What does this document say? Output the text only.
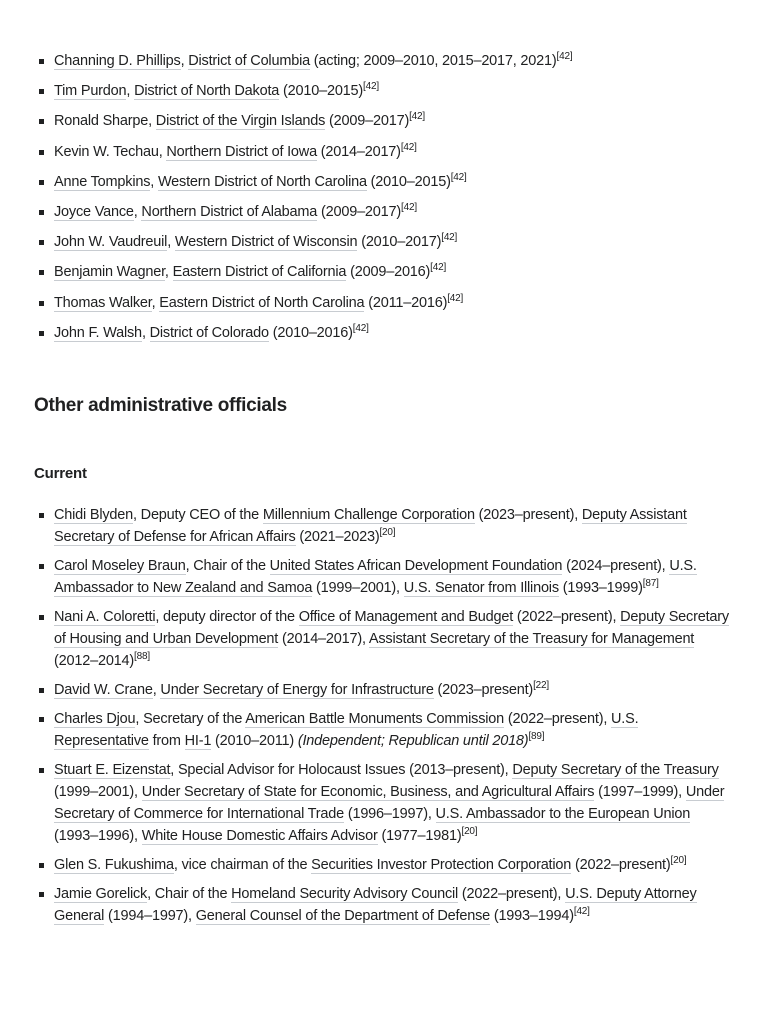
Channing D. Phillips, District of Columbia (acting; 2009–2010, 2015–2017, 2021)[42]
Tim Purdon, District of North Dakota (2010–2015)[42]
Ronald Sharpe, District of the Virgin Islands (2009–2017)[42]
Kevin W. Techau, Northern District of Iowa (2014–2017)[42]
Anne Tompkins, Western District of North Carolina (2010–2015)[42]
Joyce Vance, Northern District of Alabama (2009–2017)[42]
John W. Vaudreuil, Western District of Wisconsin (2010–2017)[42]
Benjamin Wagner, Eastern District of California (2009–2016)[42]
Thomas Walker, Eastern District of North Carolina (2011–2016)[42]
John F. Walsh, District of Colorado (2010–2016)[42]
Other administrative officials
Current
Chidi Blyden, Deputy CEO of the Millennium Challenge Corporation (2023–present), Deputy Assistant Secretary of Defense for African Affairs (2021–2023)[20]
Carol Moseley Braun, Chair of the United States African Development Foundation (2024–present), U.S. Ambassador to New Zealand and Samoa (1999–2001), U.S. Senator from Illinois (1993–1999)[87]
Nani A. Coloretti, deputy director of the Office of Management and Budget (2022–present), Deputy Secretary of Housing and Urban Development (2014–2017), Assistant Secretary of the Treasury for Management (2012–2014)[88]
David W. Crane, Under Secretary of Energy for Infrastructure (2023–present)[22]
Charles Djou, Secretary of the American Battle Monuments Commission (2022–present), U.S. Representative from HI-1 (2010–2011) (Independent; Republican until 2018)[89]
Stuart E. Eizenstat, Special Advisor for Holocaust Issues (2013–present), Deputy Secretary of the Treasury (1999–2001), Under Secretary of State for Economic, Business, and Agricultural Affairs (1997–1999), Under Secretary of Commerce for International Trade (1996–1997), U.S. Ambassador to the European Union (1993–1996), White House Domestic Affairs Advisor (1977–1981)[20]
Glen S. Fukushima, vice chairman of the Securities Investor Protection Corporation (2022–present)[20]
Jamie Gorelick, Chair of the Homeland Security Advisory Council (2022–present), U.S. Deputy Attorney General (1994–1997), General Counsel of the Department of Defense (1993–1994)[42]
